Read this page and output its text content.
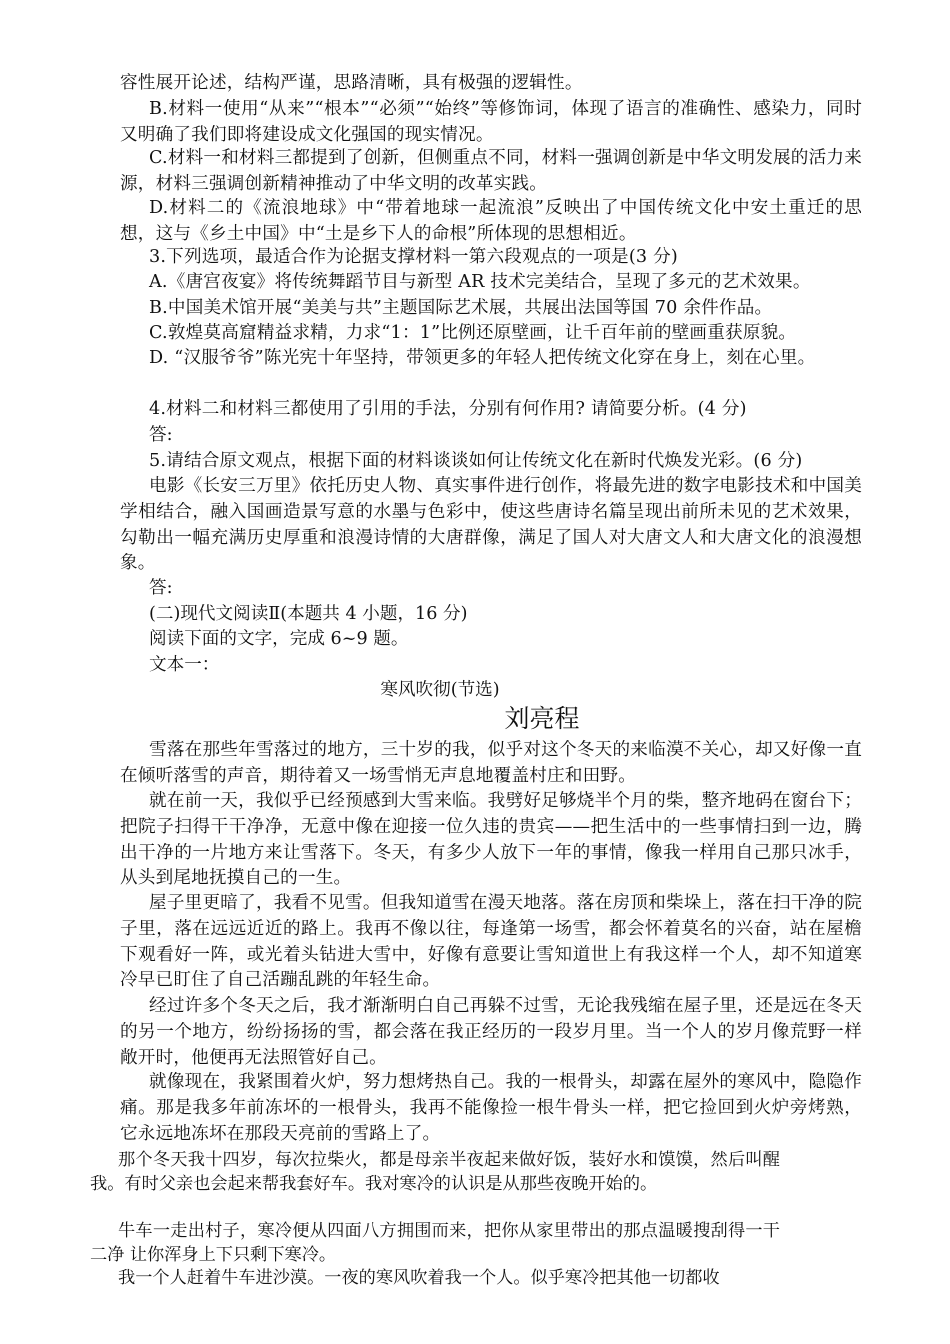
容性展开论述，结构严谨，思路清晰，具有极强的逻辑性。
B.材料一使用“从来”“根本”“必须”“始终”等修饰词，体现了语言的准确性、感染力，同时又明确了我们即将建设成文化强国的现实情况。
C.材料一和材料三都提到了创新，但侧重点不同，材料一强调创新是中华文明发展的活力来源，材料三强调创新精神推动了中华文明的改革实践。
D.材料二的《流浪地球》中“带着地球一起流浪”反映出了中国传统文化中安土重迁的思想，这与《乡土中国》中“土是乡下人的命根”所体现的思想相近。
3.下列选项，最适合作为论据支撑材料一第六段观点的一项是(3 分)
A.《唐宫夜宴》将传统舞蹈节目与新型 AR 技术完美结合，呈现了多元的艺术效果。
B.中国美术馆开展“美美与共”主题国际艺术展，共展出法国等国 70 余件作品。
C.敦煌莫高窟精益求精，力求“1：1”比例还原壁画，让千百年前的壁画重获原貌。
D. “汉服爷爷”陈光宪十年坚持，带领更多的年轻人把传统文化穿在身上，刻在心里。
4.材料二和材料三都使用了引用的手法，分别有何作用? 请简要分析。(4 分)
答:
5.请结合原文观点，根据下面的材料谈谈如何让传统文化在新时代焕发光彩。(6 分)
电影《长安三万里》依托历史人物、真实事件进行创作，将最先进的数字电影技术和中国美学相结合，融入国画造景写意的水墨与色彩中，使这些唐诗名篇呈现出前所未见的艺术效果，勾勒出一幅充满历史厚重和浪漫诗情的大唐群像，满足了国人对大唐文人和大唐文化的浪漫想象。
答:
(二)现代文阅读Ⅱ(本题共 4 小题，16 分)
阅读下面的文字，完成 6~9 题。
文本一：
寒风吹彻(节选)
刘亮程
雪落在那些年雪落过的地方，三十岁的我，似乎对这个冬天的来临漠不关心，却又好像一直在倾听落雪的声音，期待着又一场雪悄无声息地覆盖村庄和田野。
就在前一天，我似乎已经预感到大雪来临。我劈好足够烧半个月的柴，整齐地码在窗台下；把院子扫得干干净净，无意中像在迎接一位久违的贵宾——把生活中的一些事情扫到一边，腾出干净的一片地方来让雪落下。冬天，有多少人放下一年的事情，像我一样用自己那只冰手，从头到尾地抚摸自己的一生。
屋子里更暗了，我看不见雪。但我知道雪在漫天地落。落在房顶和柴垛上，落在扫干净的院子里，落在远远近近的路上。我再不像以往，每逢第一场雪，都会怀着莫名的兴奋，站在屋檐下观看好一阵，或光着头钻进大雪中，好像有意要让雪知道世上有我这样一个人，却不知道寒冷早已盯住了自己活蹦乱跳的年轻生命。
经过许多个冬天之后，我才渐渐明白自己再躲不过雪，无论我残缩在屋子里，还是远在冬天的另一个地方，纷纷扬扬的雪，都会落在我正经历的一段岁月里。当一个人的岁月像荒野一样敞开时，他便再无法照管好自己。
就像现在，我紧围着火炉，努力想烤热自己。我的一根骨头，却露在屋外的寒风中，隐隐作痛。那是我多年前冻坏的一根骨头，我再不能像捡一根牛骨头一样，把它捡回到火炉旁烤熟，它永远地冻坏在那段天亮前的雪路上了。
那个冬天我十四岁，每次拉柴火，都是母亲半夜起来做好饭，装好水和馍馍，然后叫醒我。有时父亲也会起来帮我套好车。我对寒冷的认识是从那些夜晚开始的。
牛车一走出村子，寒冷便从四面八方拥围而来，把你从家里带出的那点温暖搜刮得一干二净 让你浑身上下只剩下寒冷。
我一个人赶着牛车进沙漠。一夜的寒风吹着我一个人。似乎寒冷把其他一切都收
